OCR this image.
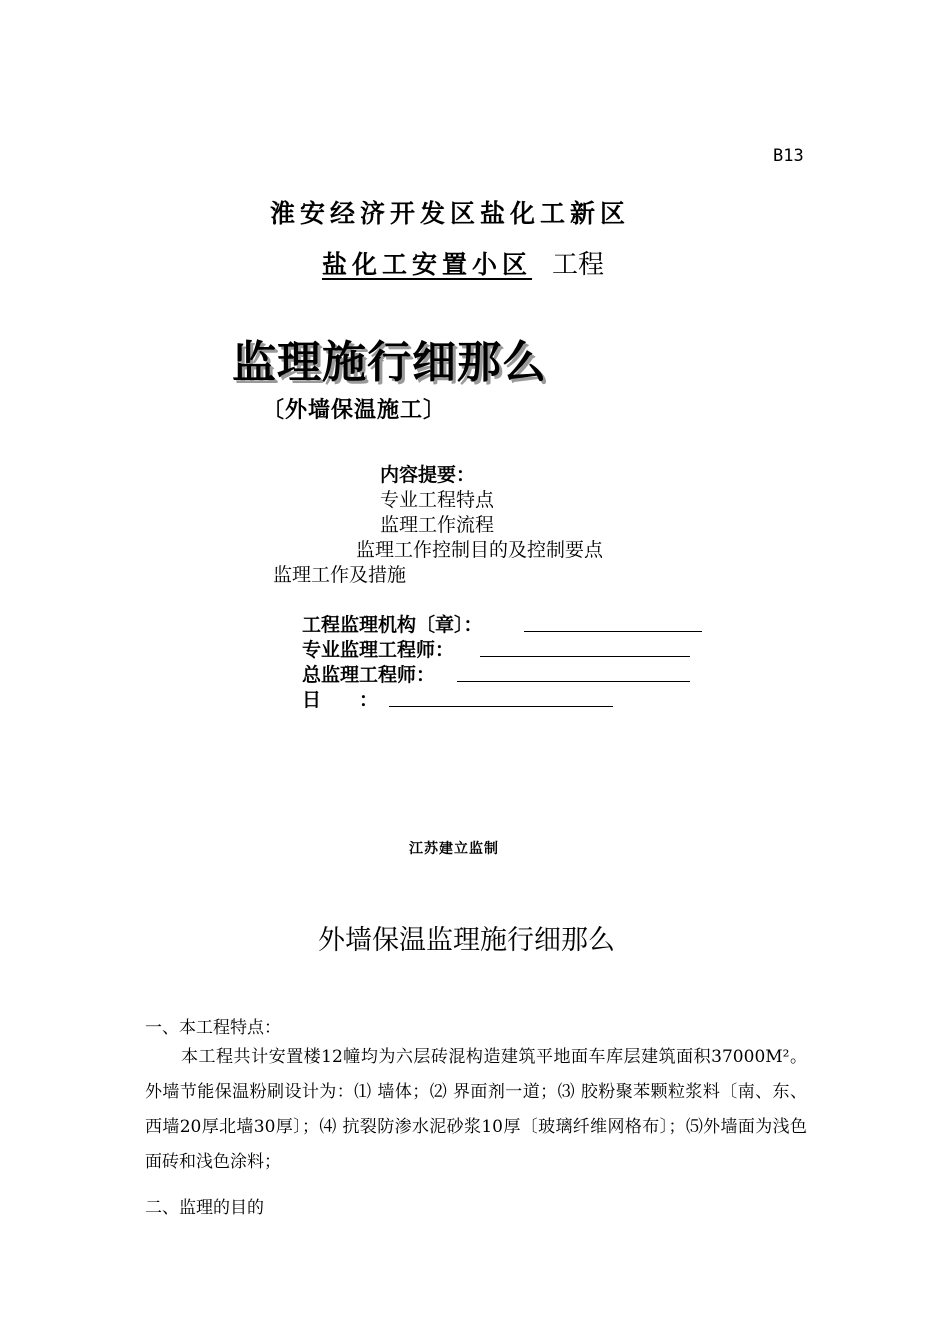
B13
淮安经济开发区盐化工新区
盐化工安置小区 工程
监理施行细那么
〔外墙保温施工〕
内容提要：
专业工程特点
监理工作流程
监理工作控制目的及控制要点
监理工作及措施
工程监理机构〔章〕：
专业监理工程师：
总监理工程师：
日　　：
江苏建立监制
外墙保温监理施行细那么
一、本工程特点：
本工程共计安置楼12幢均为六层砖混构造建筑平地面车库层建筑面积37000M²。外墙节能保温粉刷设计为：⑴ 墙体；⑵ 界面剂一道；⑶ 胶粉聚苯颗粒浆料〔南、东、西墙20厚北墙30厚〕；⑷ 抗裂防渗水泥砂浆10厚〔玻璃纤维网格布〕；⑸外墙面为浅色面砖和浅色涂料；
二、监理的目的
